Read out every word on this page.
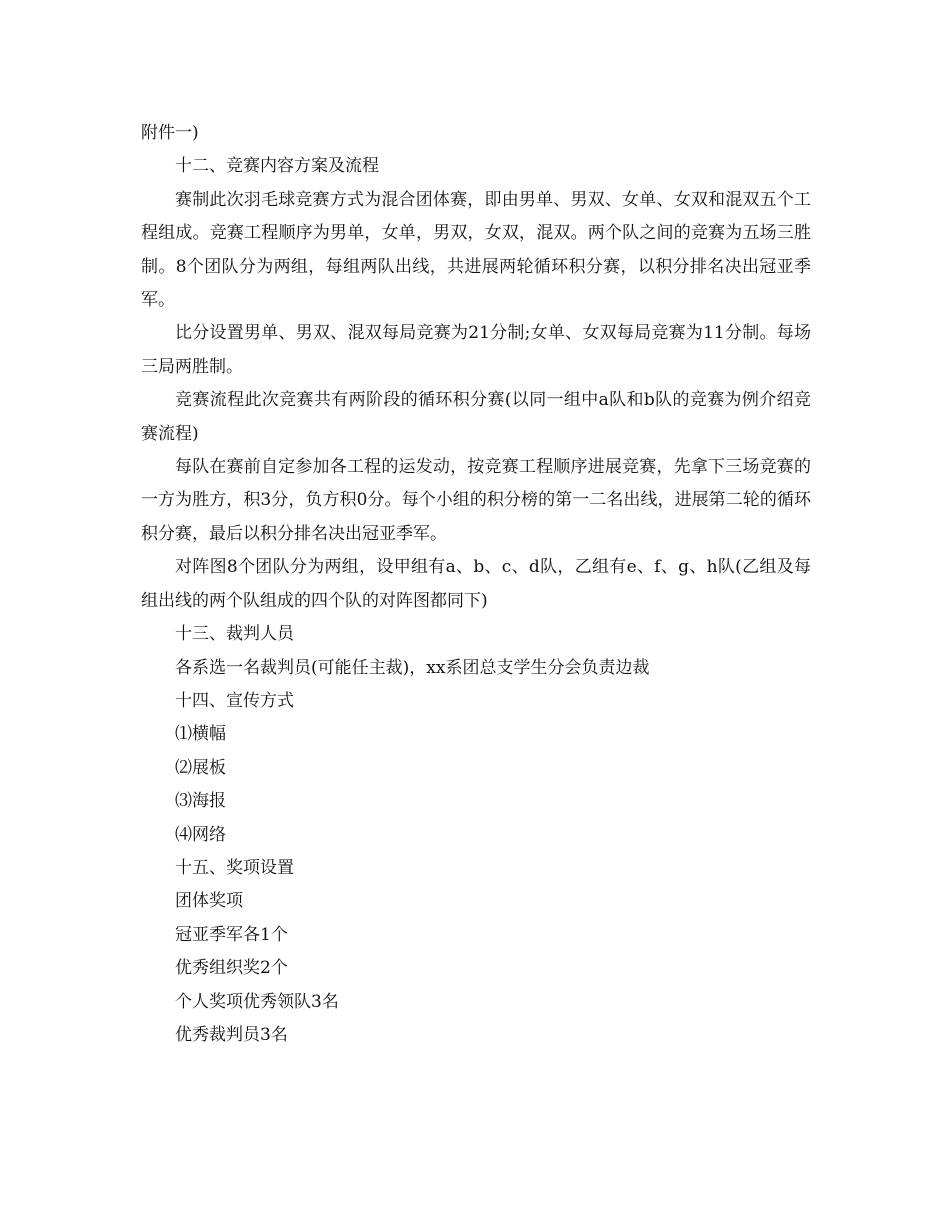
附件一)

十二、竞赛内容方案及流程

赛制此次羽毛球竞赛方式为混合团体赛，即由男单、男双、女单、女双和混双五个工程组成。竞赛工程顺序为男单，女单，男双，女双，混双。两个队之间的竞赛为五场三胜制。8个团队分为两组，每组两队出线，共进展两轮循环积分赛，以积分排名决出冠亚季军。

比分设置男单、男双、混双每局竞赛为21分制;女单、女双每局竞赛为11分制。每场三局两胜制。

竞赛流程此次竞赛共有两阶段的循环积分赛(以同一组中a队和b队的竞赛为例介绍竞赛流程)

每队在赛前自定参加各工程的运发动，按竞赛工程顺序进展竞赛，先拿下三场竞赛的一方为胜方，积3分，负方积0分。每个小组的积分榜的第一二名出线，进展第二轮的循环积分赛，最后以积分排名决出冠亚季军。

对阵图8个团队分为两组，设甲组有a、b、c、d队，乙组有e、f、g、h队(乙组及每组出线的两个队组成的四个队的对阵图都同下)

十三、裁判人员

各系选一名裁判员(可能任主裁)，xx系团总支学生分会负责边裁

十四、宣传方式

⑴横幅

⑵展板

⑶海报

⑷网络

十五、奖项设置

团体奖项

冠亚季军各1个

优秀组织奖2个

个人奖项优秀领队3名

优秀裁判员3名
